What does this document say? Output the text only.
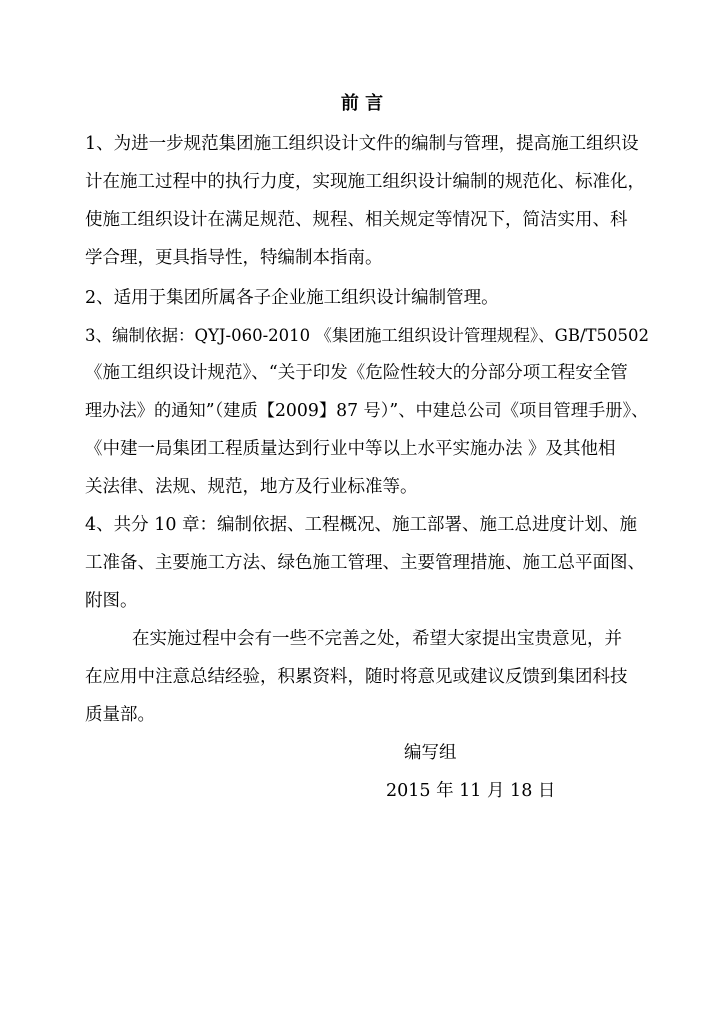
前 言

1、为进一步规范集团施工组织设计文件的编制与管理，提高施工组织设

计在施工过程中的执行力度，实现施工组织设计编制的规范化、标准化，

使施工组织设计在满足规范、规程、相关规定等情况下，简洁实用、科

学合理，更具指导性，特编制本指南。

2、适用于集团所属各子企业施工组织设计编制管理。

3、编制依据：QYJ-060-2010 《集团施工组织设计管理规程》、GB/T50502

《施工组织设计规范》、“关于印发《危险性较大的分部分项工程安全管

理办法》的通知”（建质【2009】87 号）”、中建总公司《项目管理手册》、

《中建一局集团工程质量达到行业中等以上水平实施办法 》及其他相

关法律、法规、规范，地方及行业标准等。

4、共分 10 章：编制依据、工程概况、施工部署、施工总进度计划、施

工准备、主要施工方法、绿色施工管理、主要管理措施、施工总平面图、

附图。

在实施过程中会有一些不完善之处，希望大家提出宝贵意见，并

在应用中注意总结经验，积累资料，随时将意见或建议反馈到集团科技

质量部。

编写组

2015 年 11 月 18 日
